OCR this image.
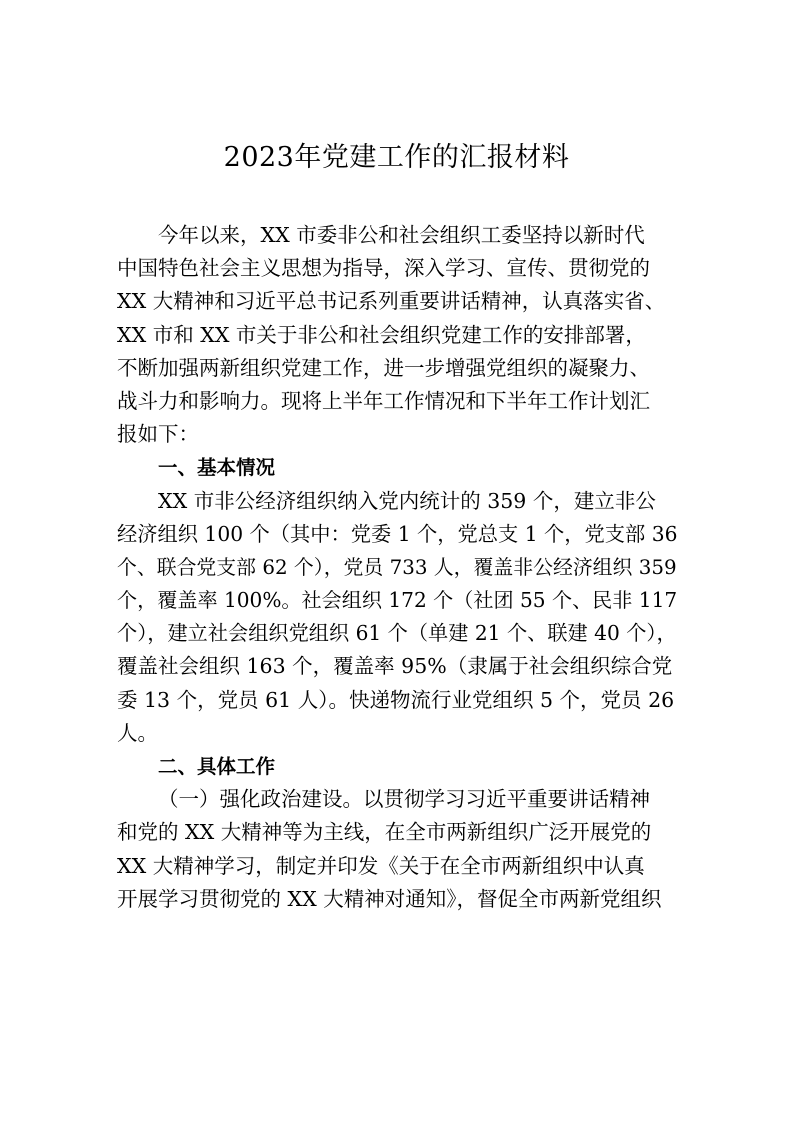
2023年党建工作的汇报材料
今年以来，XX 市委非公和社会组织工委坚持以新时代
中国特色社会主义思想为指导，深入学习、宣传、贯彻党的
XX 大精神和习近平总书记系列重要讲话精神，认真落实省、
XX 市和 XX 市关于非公和社会组织党建工作的安排部署，
不断加强两新组织党建工作，进一步增强党组织的凝聚力、
战斗力和影响力。现将上半年工作情况和下半年工作计划汇
报如下：
一、基本情况
XX 市非公经济组织纳入党内统计的 359 个，建立非公
经济组织 100 个（其中：党委 1 个，党总支 1 个，党支部 36
个、联合党支部 62 个），党员 733 人，覆盖非公经济组织 359
个，覆盖率 100%。社会组织 172 个（社团 55 个、民非 117
个），建立社会组织党组织 61 个（单建 21 个、联建 40 个），
覆盖社会组织 163 个，覆盖率 95%（隶属于社会组织综合党
委 13 个，党员 61 人）。快递物流行业党组织 5 个，党员 26
人。
二、具体工作
（一）强化政治建设。以贯彻学习习近平重要讲话精神
和党的 XX 大精神等为主线，在全市两新组织广泛开展党的
XX 大精神学习，制定并印发《关于在全市两新组织中认真
开展学习贯彻党的 XX 大精神对通知》，督促全市两新党组织
